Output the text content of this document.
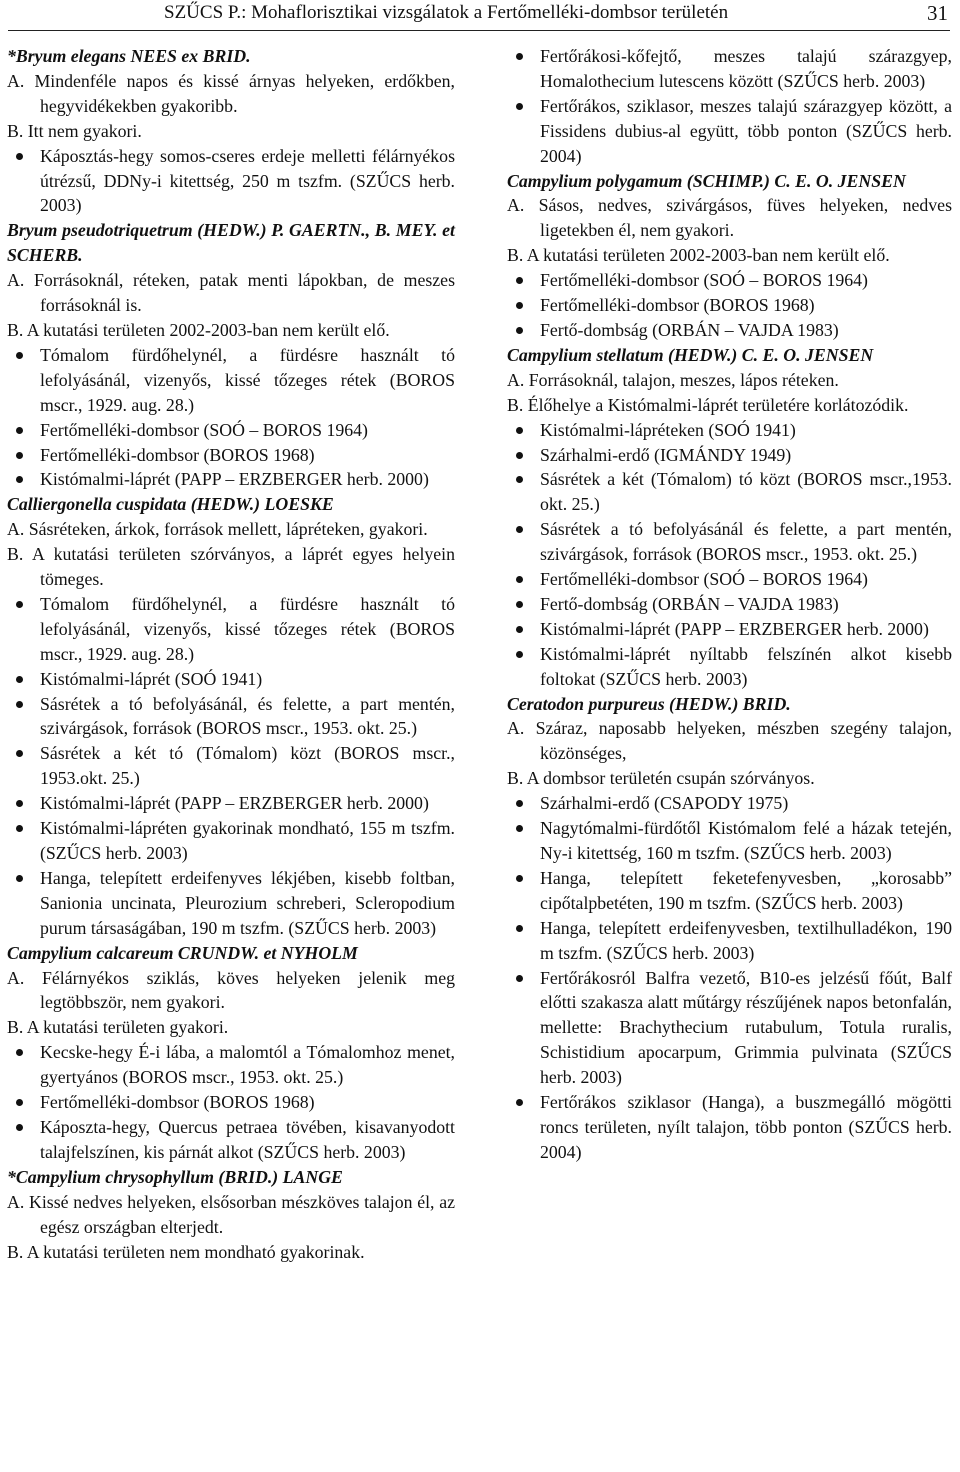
SZŰCS P.: Mohaflorisztikai vizsgálatok a Fertőmelléki-dombsor területén	31
*Bryum elegans NEES ex BRID.
A. Mindenféle napos és kissé árnyas helyeken, erdőkben, hegyvidékekben gyakoribb.
B. Itt nem gyakori.
Káposztás-hegy somos-cseres erdeje melletti félárnyékos útrézsű, DDNy-i kitettség, 250 m tszfm. (SZŰCS herb. 2003)
Bryum pseudotriquetrum (HEDW.) P. GAERTN., B. MEY. et SCHERB.
A. Forrásoknál, réteken, patak menti lápokban, de meszes forrásoknál is.
B. A kutatási területen 2002-2003-ban nem került elő.
Tómalom fürdőhelynél, a fürdésre használt tó lefolyásánál, vizenyős, kissé tőzeges rétek (BOROS mscr., 1929. aug. 28.)
Fertőmelléki-dombsor (SOÓ – BOROS 1964)
Fertőmelléki-dombsor (BOROS 1968)
Kistómalmi-láprét (PAPP – ERZBERGER herb. 2000)
Calliergonella cuspidata (HEDW.) LOESKE
A. Sásréteken, árkok, források mellett, lápréteken, gyakori.
B. A kutatási területen szórványos, a láprét egyes helyein tömeges.
Tómalom fürdőhelynél, a fürdésre használt tó lefolyásánál, vizenyős, kissé tőzeges rétek (BOROS mscr., 1929. aug. 28.)
Kistómalmi-láprét (SOÓ 1941)
Sásrétek a tó befolyásánál, és felette, a part mentén, szivárgások, források (BOROS mscr., 1953. okt. 25.)
Sásrétek a két tó (Tómalom) közt (BOROS mscr., 1953.okt. 25.)
Kistómalmi-láprét (PAPP – ERZBERGER herb. 2000)
Kistómalmi-lápréten gyakorinak mondható, 155 m tszfm. (SZŰCS herb. 2003)
Hanga, telepített erdeifenyves lékjében, kisebb foltban, Sanionia uncinata, Pleurozium schreberi, Scleropodium purum társaságában, 190 m tszfm. (SZŰCS herb. 2003)
Campylium calcareum CRUNDW. et NYHOLM
A. Félárnyékos sziklás, köves helyeken jelenik meg legtöbbször, nem gyakori.
B. A kutatási területen gyakori.
Kecske-hegy É-i lába, a malomtól a Tómalomhoz menet, gyertyános (BOROS mscr., 1953. okt. 25.)
Fertőmelléki-dombsor (BOROS 1968)
Káposzta-hegy, Quercus petraea tövében, kisavanyodott talajfelszínen, kis párnát alkot (SZŰCS herb. 2003)
*Campylium chrysophyllum (BRID.) LANGE
A. Kissé nedves helyeken, elsősorban mészköves talajon él, az egész országban elterjedt.
B. A kutatási területen nem mondható gyakorinak.
Fertőrákosi-kőfejtő, meszes talajú szárazgyep, Homalothecium lutescens között (SZŰCS herb. 2003)
Fertőrákos, sziklasor, meszes talajú szárazgyep között, a Fissidens dubius-al együtt, több ponton (SZŰCS herb. 2004)
Campylium polygamum (SCHIMP.) C. E. O. JENSEN
A. Sásos, nedves, szivárgásos, füves helyeken, nedves ligetekben él, nem gyakori.
B. A kutatási területen 2002-2003-ban nem került elő.
Fertőmelléki-dombsor (SOÓ – BOROS 1964)
Fertőmelléki-dombsor (BOROS 1968)
Fertő-dombság (ORBÁN – VAJDA 1983)
Campylium stellatum (HEDW.) C. E. O. JENSEN
A. Forrásoknál, talajon, meszes, lápos réteken.
B. Élőhelye a Kistómalmi-láprét területére korlátozódik.
Kistómalmi-lápréteken (SOÓ 1941)
Szárhalmi-erdő (IGMÁNDY 1949)
Sásrétek a két (Tómalom) tó közt (BOROS mscr.,1953. okt. 25.)
Sásrétek a tó befolyásánál és felette, a part mentén, szivárgások, források (BOROS mscr., 1953. okt. 25.)
Fertőmelléki-dombsor (SOÓ – BOROS 1964)
Fertő-dombság (ORBÁN – VAJDA 1983)
Kistómalmi-láprét (PAPP – ERZBERGER herb. 2000)
Kistómalmi-láprét nyíltabb felszínén alkot kisebb foltokat (SZŰCS herb. 2003)
Ceratodon purpureus (HEDW.) BRID.
A. Száraz, naposabb helyeken, mészben szegény talajon, közönséges,
B. A dombsor területén csupán szórványos.
Szárhalmi-erdő (CSAPODY 1975)
Nagytómalmi-fürdőtől Kistómalom felé a házak tetején, Ny-i kitettség, 160 m tszfm. (SZŰCS herb. 2003)
Hanga, telepített feketefenyvesben, „korosabb” cipőtalpbetéten, 190 m tszfm. (SZŰCS herb. 2003)
Hanga, telepített erdeifenyvesben, textilhulladékon, 190 m tszfm. (SZŰCS herb. 2003)
Fertőrákosról Balfra vezető, B10-es jelzésű főút, Balf előtti szakasza alatt műtárgy részűjének napos betonfalán, mellette: Brachythecium rutabulum, Totula ruralis, Schistidium apocarpum, Grimmia pulvinata (SZŰCS herb. 2003)
Fertőrákos sziklasor (Hanga), a buszmegálló mögötti roncs területen, nyílt talajon, több ponton (SZŰCS herb. 2004)
